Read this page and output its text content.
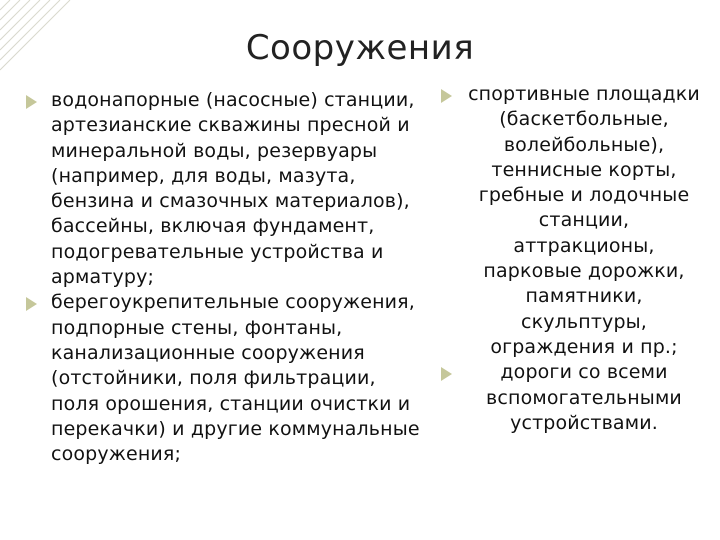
Сооружения
водонапорные (насосные) станции, артезианские скважины пресной и минеральной воды, резервуары (например, для воды, мазута, бензина и смазочных материалов), бассейны, включая фундамент, подогревательные устройства и арматуру;
берегоукрепительные сооружения, подпорные стены, фонтаны, канализационные сооружения (отстойники, поля фильтрации, поля орошения, станции очистки и перекачки) и другие коммунальные сооружения;
спортивные площадки (баскетбольные, волейбольные), теннисные корты, гребные и лодочные станции, аттракционы, парковые дорожки, памятники, скульптуры, ограждения и пр.;
дороги со всеми вспомогательными устройствами.
